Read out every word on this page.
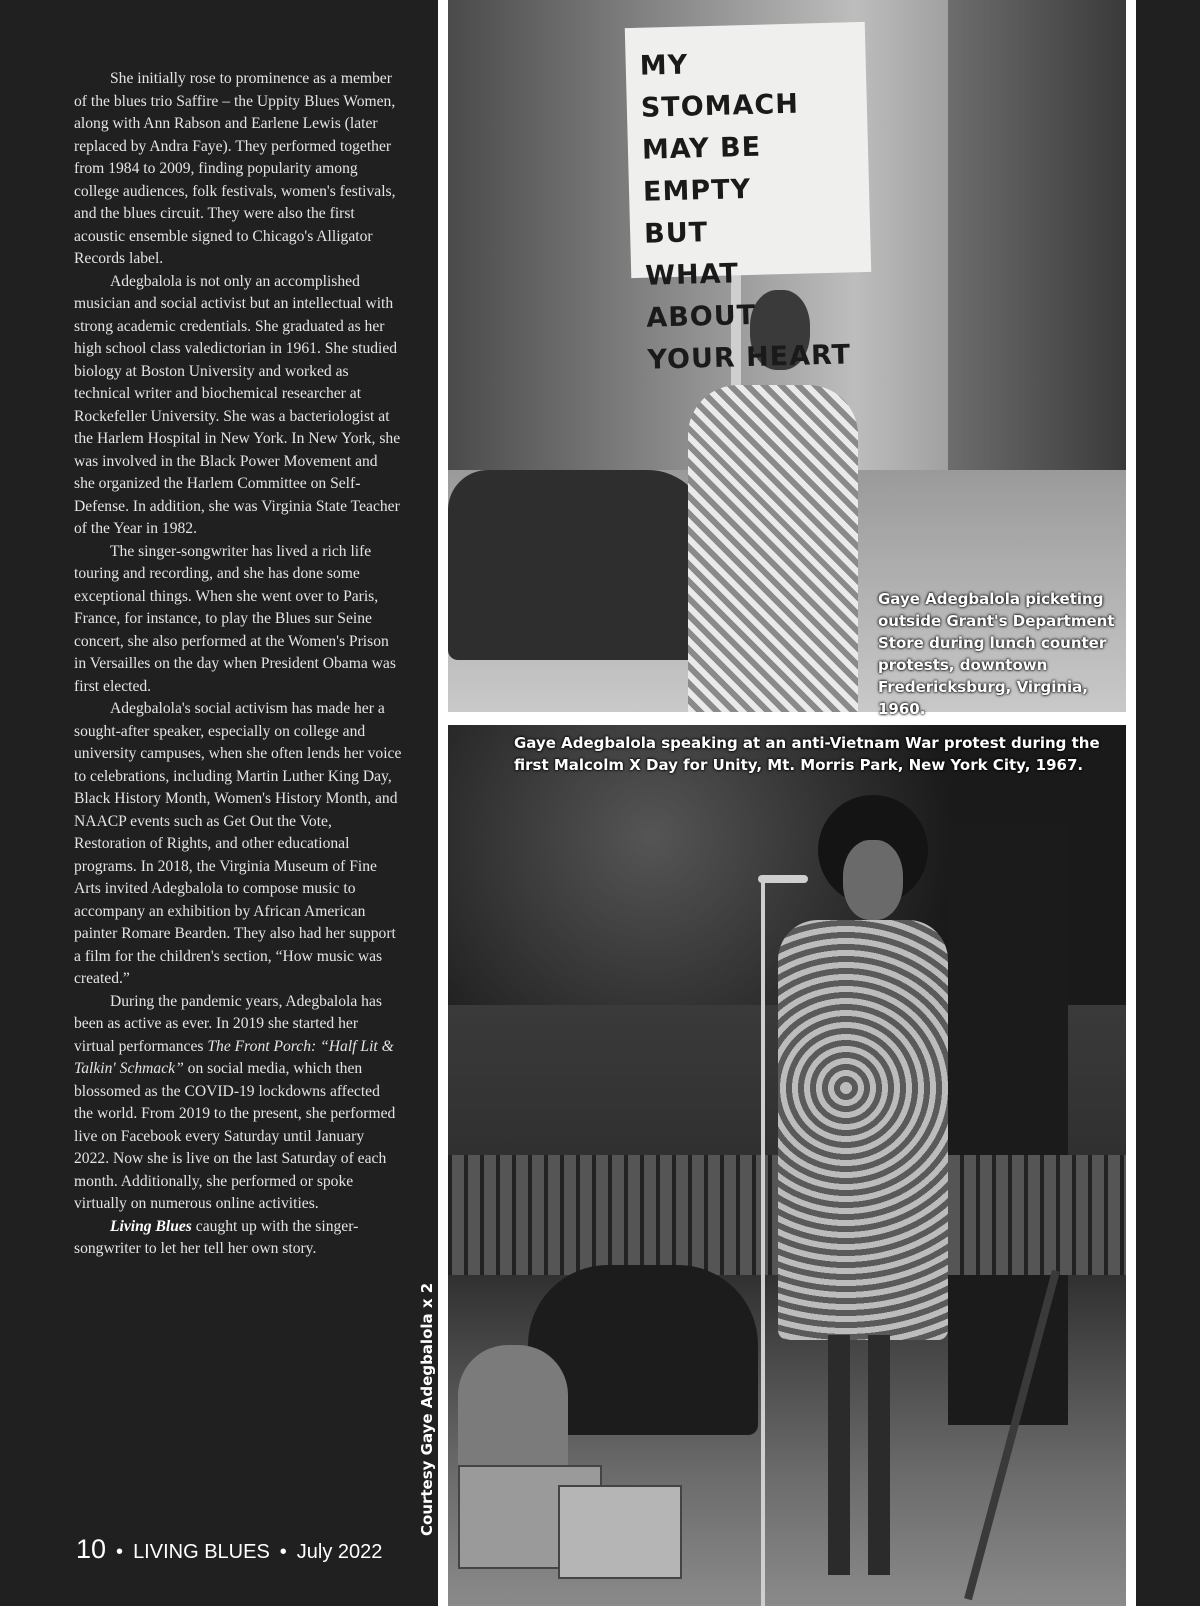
She initially rose to prominence as a member of the blues trio Saffire – the Uppity Blues Women, along with Ann Rabson and Earlene Lewis (later replaced by Andra Faye). They performed together from 1984 to 2009, finding popularity among college audiences, folk festivals, women's festivals, and the blues circuit. They were also the first acoustic ensemble signed to Chicago's Alligator Records label.

Adegbalola is not only an accomplished musician and social activist but an intellectual with strong academic credentials. She graduated as her high school class valedictorian in 1961. She studied biology at Boston University and worked as technical writer and biochemical researcher at Rockefeller University. She was a bacteriologist at the Harlem Hospital in New York. In New York, she was involved in the Black Power Movement and she organized the Harlem Committee on Self-Defense. In addition, she was Virginia State Teacher of the Year in 1982.

The singer-songwriter has lived a rich life touring and recording, and she has done some exceptional things. When she went over to Paris, France, for instance, to play the Blues sur Seine concert, she also performed at the Women's Prison in Versailles on the day when President Obama was first elected.

Adegbalola's social activism has made her a sought-after speaker, especially on college and university campuses, when she often lends her voice to celebrations, including Martin Luther King Day, Black History Month, Women's History Month, and NAACP events such as Get Out the Vote, Restoration of Rights, and other educational programs. In 2018, the Virginia Museum of Fine Arts invited Adegbalola to compose music to accompany an exhibition by African American painter Romare Bearden. They also had her support a film for the children's section, “How music was created.”

During the pandemic years, Adegbalola has been as active as ever. In 2019 she started her virtual performances The Front Porch: “Half Lit & Talkin' Schmack” on social media, which then blossomed as the COVID-19 lockdowns affected the world. From 2019 to the present, she performed live on Facebook every Saturday until January 2022. Now she is live on the last Saturday of each month. Additionally, she performed or spoke virtually on numerous online activities.

Living Blues caught up with the singer-songwriter to let her tell her own story.

MY STOMACH
MAY BE EMPTY
BUT
WHAT ABOUT
YOUR HEART
Gaye Adegbalola picketing outside Grant's Department Store during lunch counter protests, downtown Fredericksburg, Virginia, 1960.
Gaye Adegbalola speaking at an anti-Vietnam War protest during the first Malcolm X Day for Unity, Mt. Morris Park, New York City, 1967.
Courtesy Gaye Adegbalola x 2
10 • LIVING BLUES • July 2022
